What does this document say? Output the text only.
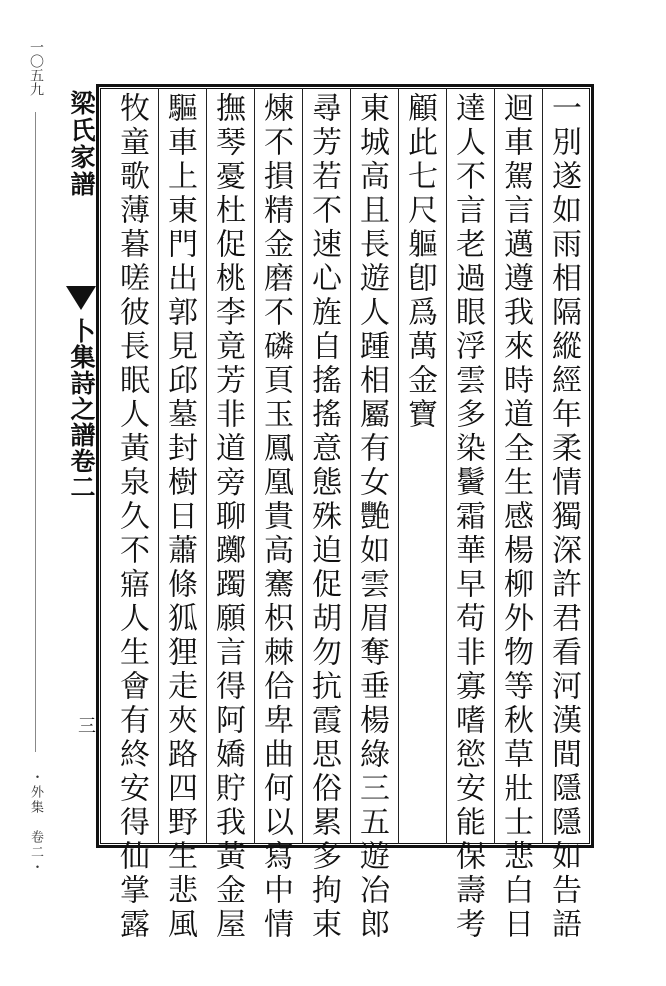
一〇五九
・外集　卷二・
梁氏家譜
卜集詩之譜卷二
三	一別遂如雨相隔縱經年柔情獨深許君看河漢間隱隱如告語
迴車駕言邁遵我來時道全生感楊柳外物等秋草壯士悲白日
達人不言老過眼浮雲多染鬢霜華早苟非寡嗜慾安能保壽考
顧此七尺軀卽爲萬金寶
東城高且長遊人踵相屬有女艷如雲眉奪垂楊綠三五遊冶郎
尋芳若不速心旌自搖搖意態殊迫促胡勿抗霞思俗累多拘束
煉不損精金磨不磷頁玉鳳凰貴高騫枳棘佮卑曲何以寫中情
撫琴憂杜促桃李竟芳非道旁聊躑躅願言得阿嬌貯我黃金屋
驅車上東門出郭見邱墓封樹日蕭條狐狸走夾路四野生悲風
牧童歌薄暮嗟彼長眠人黃泉久不寤人生會有終安得仙掌露
